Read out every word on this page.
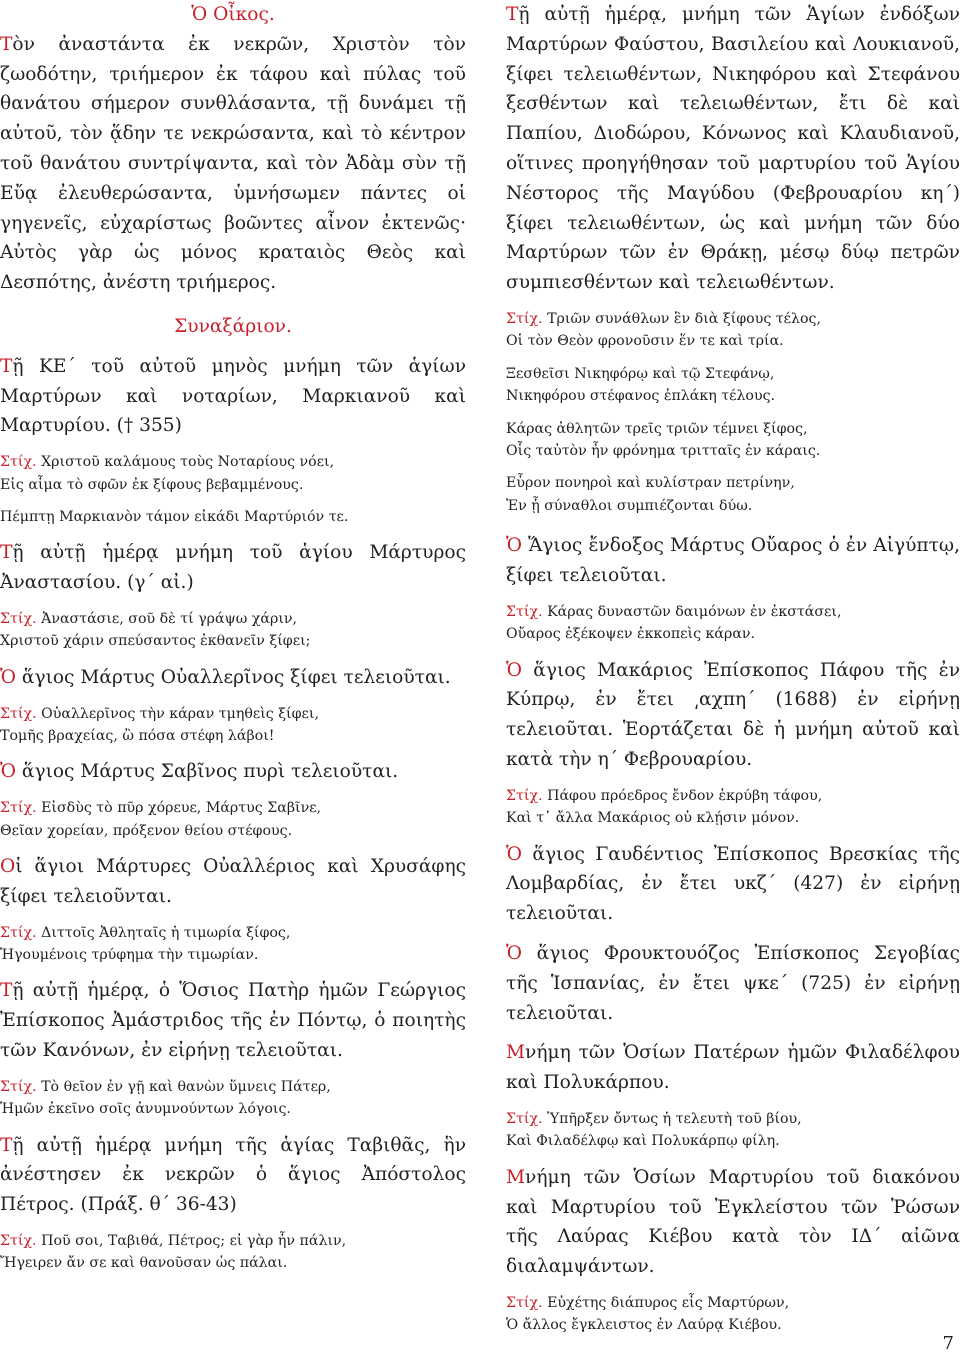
Ὁ Οἶκος.

Τὸν ἀναστάντα ἐκ νεκρῶν, Χριστὸν τὸν ζωοδότην, τριήμερον ἐκ τάφου καὶ πύλας τοῦ θανάτου σήμερον συνθλάσαντα, τῇ δυνάμει τῇ αὐτοῦ, τὸν ᾅδην τε νεκρώσαντα, καὶ τὸ κέντρον τοῦ θανάτου συντρίψαντα, καὶ τὸν Ἀδὰμ σὺν τῇ Εὔᾳ ἐλευθερώσαντα, ὑμνήσωμεν πάντες οἱ γηγενεῖς, εὐχαρίστως βοῶντες αἶνον ἐκτενῶς· Αὐτὸς γὰρ ὡς μόνος κραταιὸς Θεὸς καὶ Δεσπότης, ἀνέστη τριήμερος.

Συναξάριον.

Τῇ ΚΕ΄ τοῦ αὐτοῦ μηνὸς μνήμη τῶν ἁγίων Μαρτύρων καὶ νοταρίων, Μαρκιανοῦ καὶ Μαρτυρίου. († 355)

Στίχ. Χριστοῦ καλάμους τοὺς Νοταρίους νόει,
Εἰς αἷμα τὸ σφῶν ἐκ ξίφους βεβαμμένους.

Πέμπτῃ Μαρκιανὸν τάμον εἰκάδι Μαρτύριόν τε.

Τῇ αὐτῇ ἡμέρᾳ μνήμη τοῦ ἁγίου Μάρτυρος Ἀναστασίου. (γ΄ αἰ.)

Στίχ. Ἀναστάσιε, σοῦ δὲ τί γράψω χάριν,
Χριστοῦ χάριν σπεύσαντος ἐκθανεῖν ξίφει;

Ὁ ἅγιος Μάρτυς Οὐαλλερῖνος ξίφει τελειοῦται.

Στίχ. Οὐαλλερῖνος τὴν κάραν τμηθεὶς ξίφει,
Τομῆς βραχείας, ὢ πόσα στέφη λάβοι!

Ὁ ἅγιος Μάρτυς Σαβῖνος πυρὶ τελειοῦται.

Στίχ. Εἰσδὺς τὸ πῦρ χόρευε, Μάρτυς Σαβῖνε,
Θεῖαν χορείαν, πρόξενον θείου στέφους.

Οἱ ἅγιοι Μάρτυρες Οὐαλλέριος καὶ Χρυσάφης ξίφει τελειοῦνται.

Στίχ. Διττοῖς Ἀθληταῖς ἡ τιμωρία ξίφος,
Ἡγουμένοις τρύφημα τὴν τιμωρίαν.

Τῇ αὐτῇ ἡμέρᾳ, ὁ Ὅσιος Πατὴρ ἡμῶν Γεώργιος Ἐπίσκοπος Ἀμάστριδος τῆς ἐν Πόντῳ, ὁ ποιητὴς τῶν Κανόνων, ἐν εἰρήνῃ τελειοῦται.

Στίχ. Τὸ θεῖον ἐν γῇ καὶ θανὼν ὕμνεις Πάτερ,
Ἡμῶν ἐκεῖνο σοῖς ἀνυμνούντων λόγοις.

Τῇ αὐτῇ ἡμέρᾳ μνήμη τῆς ἁγίας Ταβιθᾶς, ἣν ἀνέστησεν ἐκ νεκρῶν ὁ ἅγιος Ἀπόστολος Πέτρος. (Πράξ. θ΄ 36-43)

Στίχ. Ποῦ σοι, Ταβιθά, Πέτρος; εἰ γὰρ ἦν πάλιν,
Ἤγειρεν ἄν σε καὶ θανοῦσαν ὡς πάλαι.

Τῇ αὐτῇ ἡμέρᾳ, μνήμη τῶν Ἁγίων ἐνδόξων Μαρτύρων Φαύστου, Βασιλείου καὶ Λουκιανοῦ, ξίφει τελειωθέντων, Νικηφόρου καὶ Στεφάνου ξεσθέντων καὶ τελειωθέντων, ἔτι δὲ καὶ Παπίου, Διοδώρου, Κόνωνος καὶ Κλαυδιανοῦ, οἵτινες προηγήθησαν τοῦ μαρτυρίου τοῦ Ἁγίου Νέστορος τῆς Μαγύδου (Φεβρουαρίου κη΄) ξίφει τελειωθέντων, ὡς καὶ μνήμη τῶν δύο Μαρτύρων τῶν ἐν Θράκῃ, μέσῳ δύῳ πετρῶν συμπιεσθέντων καὶ τελειωθέντων.

Στίχ. Τριῶν συνάθλων ἓν διὰ ξίφους τέλος,
Οἱ τὸν Θεὸν φρονοῦσιν ἕν τε καὶ τρία.

Ξεσθεῖσι Νικηφόρῳ καὶ τῷ Στεφάνῳ,
Νικηφόρου στέφανος ἐπλάκη τέλους.

Κάρας ἀθλητῶν τρεῖς τριῶν τέμνει ξίφος,
Οἷς ταὐτὸν ἦν φρόνημα τριτταῖς ἐν κάραις.

Εὗρον πονηροὶ καὶ κυλίστραν πετρίνην,
Ἐν ᾗ σύναθλοι συμπιέζονται δύω.

Ὁ Ἅγιος ἔνδοξος Μάρτυς Οὔαρος ὁ ἐν Αἰγύπτῳ, ξίφει τελειοῦται.

Στίχ. Κάρας δυναστῶν δαιμόνων ἐν ἐκστάσει,
Οὔαρος ἐξέκοψεν ἐκκοπεὶς κάραν.

Ὁ ἅγιος Μακάριος Ἐπίσκοπος Πάφου τῆς ἐν Κύπρῳ, ἐν ἔτει ͵αχπη΄ (1688) ἐν εἰρήνῃ τελειοῦται. Ἑορτάζεται δὲ ἡ μνήμη αὐτοῦ καὶ κατὰ τὴν η΄ Φεβρουαρίου.

Στίχ. Πάφου πρόεδρος ἔνδον ἐκρύβη τάφου,
Καὶ τ᾽ ἄλλα Μακάριος οὐ κλῄσιν μόνον.

Ὁ ἅγιος Γαυδέντιος Ἐπίσκοπος Βρεσκίας τῆς Λομβαρδίας, ἐν ἔτει υκζ΄ (427) ἐν εἰρήνῃ τελειοῦται.

Ὁ ἅγιος Φρουκτουόζος Ἐπίσκοπος Σεγοβίας τῆς Ἱσπανίας, ἐν ἔτει ψκε΄ (725) ἐν εἰρήνῃ τελειοῦται.

Μνήμη τῶν Ὁσίων Πατέρων ἡμῶν Φιλαδέλφου καὶ Πολυκάρπου.

Στίχ. Ὑπῆρξεν ὄντως ἡ τελευτὴ τοῦ βίου,
Καὶ Φιλαδέλφῳ καὶ Πολυκάρπῳ φίλη.

Μνήμη τῶν Ὁσίων Μαρτυρίου τοῦ διακόνου καὶ Μαρτυρίου τοῦ Ἐγκλείστου τῶν Ῥώσων τῆς Λαύρας Κιέβου κατὰ τὸν ΙΔ΄ αἰῶνα διαλαμψάντων.

Στίχ. Εὐχέτης διάπυρος εἷς Μαρτύρων,
Ὁ ἄλλος ἔγκλειστος ἐν Λαύρᾳ Κιέβου.

7
